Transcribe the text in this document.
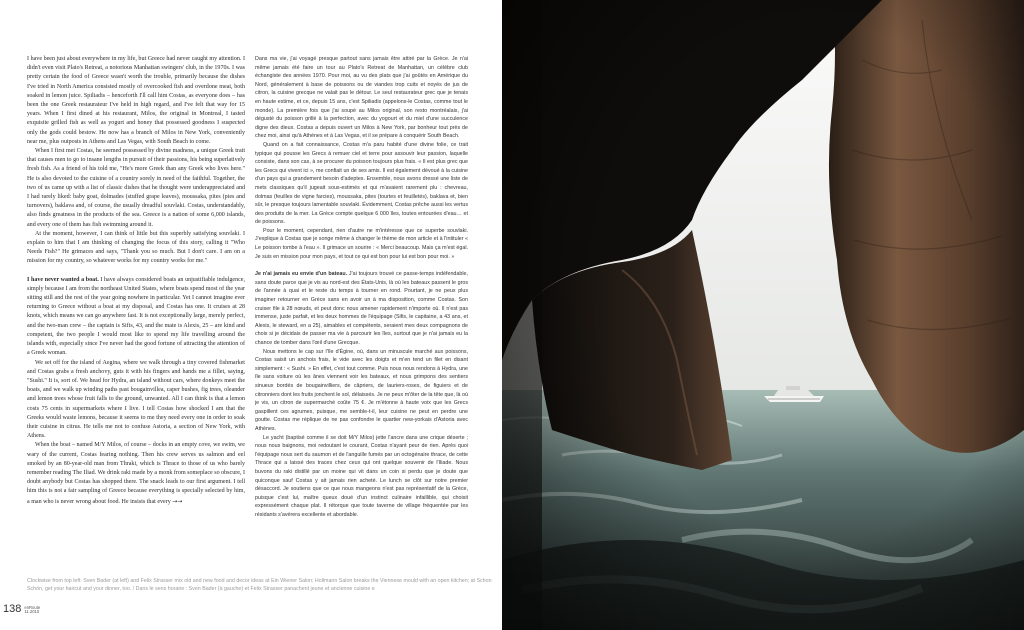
I have been just about everywhere in my life, but Greece had never caught my attention. I didn't even visit Plato's Retreat, a notorious Manhattan swingers' club, in the 1970s. I was pretty certain the food of Greece wasn't worth the trouble, primarily because the dishes I've tried in North America consisted mostly of overcooked fish and overdone meat, both soaked in lemon juice. Spiliadis – henceforth I'll call him Costas, as everyone does – has been the one Greek restaurateur I've held in high regard, and I've felt that way for 15 years. When I first dined at his restaurant, Milos, the original in Montreal, I tasted exquisite grilled fish as well as yogurt and honey that possessed goodness I suspected only the gods could bestow. He now has a branch of Milos in New York, conveniently near me, plus outposts in Athens and Las Vegas, with South Beach to come.

When I first met Costas, he seemed possessed by divine madness, a unique Greek trait that causes men to go to insane lengths in pursuit of their passions, his being superlatively fresh fish. As a friend of his told me, "He's more Greek than any Greek who lives here." He is also devoted to the cuisine of a country sorely in need of the faithful. Together, the two of us came up with a list of classic dishes that he thought were underappreciated and I had rarely liked: baby goat, dolmades (stuffed grape leaves), moussaka, pites (pies and turnovers), baklava and, of course, the usually dreadful souvlaki. Costas, understandably, also finds greatness in the products of the sea. Greece is a nation of some 6,000 islands, and every one of them has fish swimming around it.

At the moment, however, I can think of little but this superbly satisfying souvlaki. I explain to him that I am thinking of changing the focus of this story, calling it "Who Needs Fish?" He grimaces and says, "Thank you so much. But I don't care. I am on a mission for my country, so whatever works for my country works for me."

I have never wanted a boat. I have always considered boats an unjustifiable indulgence, simply because I am from the northeast United States, where boats spend most of the year sitting still and the rest of the year going nowhere in particular. Yet I cannot imagine ever returning to Greece without a boat at my disposal, and Costas has one. It cruises at 28 knots, which means we can go anywhere fast. It is not exceptionally large, merely perfect, and the two-man crew – the captain is Sifis, 43, and the mate is Alexis, 25 – are kind and competent, the two people I would most like to spend my life travelling around the islands with, especially since I've never had the good fortune of attracting the attention of a Greek woman.

We set off for the island of Aegina, where we walk through a tiny covered fishmarket and Costas grabs a fresh anchovy, guts it with his fingers and hands me a fillet, saying, "Sushi." It is, sort of. We head for Hydra, an island without cars, where donkeys meet the boats, and we walk up winding paths past bougainvillea, caper bushes, fig trees, oleander and lemon trees whose fruit falls to the ground, unwanted. All I can think is that a lemon costs 75 cents in supermarkets where I live. I tell Costas how shocked I am that the Greeks would waste lemons, because it seems to me they need every one in order to soak their cuisine in citrus. He tells me not to confuse Astoria, a section of New York, with Athens.

When the boat – named M/Y Milos, of course – docks in an empty cove, we swim, we wary of the current, Costas fearing nothing. Then his crew serves us salmon and eel smoked by an 80-year-old man from Thraki, which is Thrace to those of us who barely remember reading The Iliad. We drink raki made by a monk from someplace so obscure, I doubt anybody but Costas has shopped there. The snack leads to our first argument. I tell him this is not a fair sampling of Greece because everything is specially selected by him, a man who is never wrong about food. He insists that every →→

Dans ma vie, j'ai voyagé presque partout sans jamais être attiré par la Grèce. Je n'ai même jamais été faire un tour au Plato's Retreat de Manhattan, un célèbre club échangiste des années 1970. Pour moi, au vu des plats que j'ai goûtés en Amérique du Nord, généralement à base de poissons ou de viandes trop cuits et noyés de jus de citron, la cuisine grecque ne valait pas le détour. Le seul restaurateur grec que je tenais en haute estime, et ce, depuis 15 ans, c'est Spiliadis (appelons-le Costas, comme tout le monde). La première fois que j'ai soupé au Milos original, son resto montréalais, j'ai dégusté du poisson grillé à la perfection, avec du yogourt et du miel d'une succulence digne des dieux. Costas a depuis ouvert un Milos à New York, par bonheur tout près de chez moi, ainsi qu'à Athènes et à Las Vegas, et il se prépare à conquérir South Beach.

Quand on a fait connaissance, Costas m'a paru habité d'une divine folie, ce trait typique qui pousse les Grecs à remuer ciel et terre pour assouvir leur passion, laquelle consiste, dans son cas, à se procurer du poisson toujours plus frais. « Il est plus grec que les Grecs qui vivent ici », me confiait un de ses amis. Il est également dévoué à la cuisine d'un pays qui a grandement besoin d'adeptes. Ensemble, nous avons dressé une liste de mets classiques qu'il jugeait sous-estimés et qui m'avaient rarement plu : chevreau, dolmas (feuilles de vigne farcies), moussaka, pites (tourtes et feuilletés), baklava et, bien sûr, le presque toujours lamentable souvlaki. Évidemment, Costas prêche aussi les vertus des produits de la mer. La Grèce compte quelque 6 000 îles, toutes entourées d'eau… et de poissons.

Pour le moment, cependant, rien d'autre ne m'intéresse que ce superbe souvlaki. J'explique à Costas que je songe même à changer le thème de mon article et à l'intituler « Le poisson tombe à l'eau ». Il grimace un sourire : « Merci beaucoup. Mais ça m'est égal. Je suis en mission pour mon pays, et tout ce qui est bon pour lui est bon pour moi. »

Je n'ai jamais eu envie d'un bateau. J'ai toujours trouvé ce passe-temps indéfendable, sans doute parce que je vis au nord-est des États-Unis, là où les bateaux passent le gros de l'année à quai et le reste du temps à tourner en rond. Pourtant, je ne peux plus imaginer retourner en Grèce sans en avoir un à ma disposition, comme Costas. Son cruiser file à 28 nœuds, et peut donc nous amener rapidement n'importe où. Il n'est pas immense, juste parfait, et les deux hommes de l'équipage (Sifis, le capitaine, a 43 ans, et Alexis, le steward, en a 25), aimables et compétents, seraient mes deux compagnons de choix si je décidais de passer ma vie à parcourir les îles, surtout que je n'ai jamais eu la chance de tomber dans l'œil d'une Grecque.

Nous mettons le cap sur l'île d'Égine, où, dans un minuscule marché aux poissons, Costas saisit un anchois frais, le vide avec les doigts et m'en tend un filet en disant simplement : « Sushi. » En effet, c'est tout comme. Puis nous nous rendons à Hydra, une île sans voiture où les ânes viennent voir les bateaux, et nous grimpons des sentiers sinueux bordés de bougainvilliers, de câpriers, de lauriers-roses, de figuiers et de citronniers dont les fruits jonchent le sol, délaissés. Je ne peux m'ôter de la tête que, là où je vis, un citron de supermarché coûte 75 ¢. Je m'étonne à haute voix que les Grecs gaspillent ces agrumes, puisque, me semble-t-il, leur cuisine ne peut en perdre une goutte. Costas me réplique de ne pas confondre le quartier new-yorkais d'Astoria avec Athènes.

Le yacht (baptisé comme il se doit M/Y Milos) jette l'ancre dans une crique déserte ; nous nous baignons, moi redoutant le courant, Costas n'ayant peur de rien. Après quoi l'équipage nous sert du saumon et de l'anguille fumés par un octogénaire thrace, de cette Thrace qui a laissé des traces chez ceux qui ont quelque souvenir de l'Iliade. Nous buvons du raki distillé par un moine qui vit dans un coin si perdu que je doute que quiconque sauf Costas y ait jamais rien acheté. Le lunch se clôt sur notre premier désaccord. Je soutiens que ce que nous mangeons n'est pas représentatif de la Grèce, puisque c'est lui, maître queux doué d'un instinct culinaire infaillible, qui choisit expressément chaque plat. Il rétorque que toute taverne de village fréquentée par les résidants s'avérera excellente et abordable.

Clockwise from top left: Sven Bader (at left) and Felix Strasser mix old and new food and decor ideas at Ein Wiener Salon; Hollmann Salon breaks the Viennese mould with an open kitchen; at Schon Schön, get your haircut and your dinner, too. / Dans le sens horaire : Sven Bader (à gauche) et Felix Strasser panachent jeune et ancienne cuisine e
138 enRoute
11.2010
